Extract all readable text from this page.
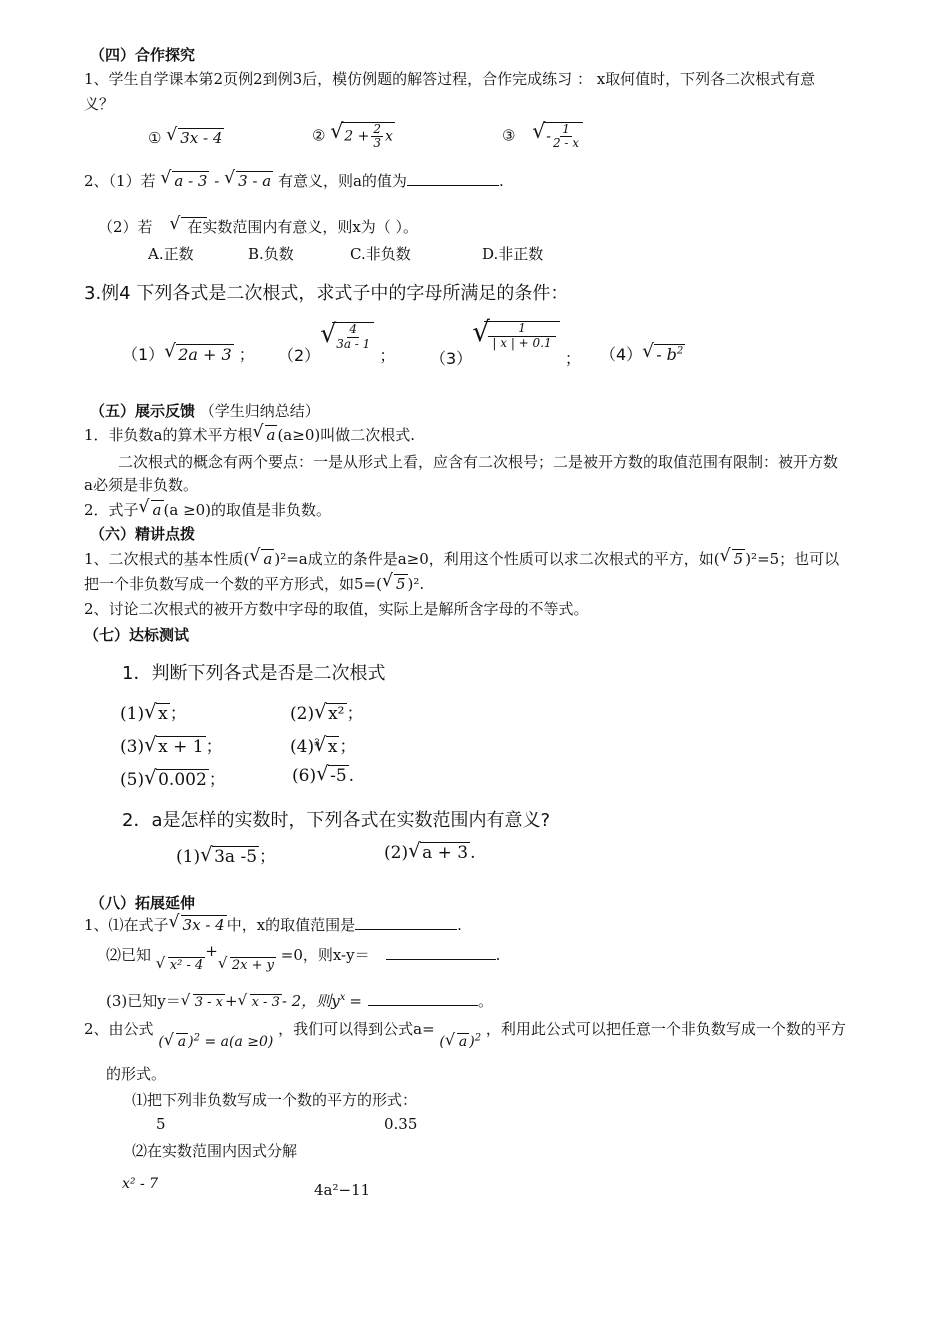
（四）合作探究
1、学生自学课本第2页例2到例3后，模仿例题的解答过程，合作完成练习 ： x取何值时，下列各二次根式有意
义？
① √ 3x - 4	② √ $2 + \frac{2}{3}$ x	③ √ - $\frac{1}{2 - x}$
2、（1）若 √ a - 3 - √ 3 - a 有意义，则a的值为	.
（2）若 √ 在实数范围内有意义，则x为（ ）。
A.正数	B.负数	C.非负数	D.非正数
3.例4 下列各式是二次根式，求式子中的字母所满足的条件：
（1）√ 2a + 3 ； （2）
√ $\frac{4}{3a - 1}$
； （3）
√ $\frac{1}{| x | + 0.1}$
； $(4)√ - b^2$
（五）展示反馈 （学生归纳总结）
1．非负数a的算术平方根√ a (a≥0)叫做二次根式.
二次根式的概念有两个要点：一是从形式上看，应含有二次根号；二是被开方数的取值范围有限制：被开方数
a必须是非负数。
2．式子√ a (a ≥0)的取值是非负数。
（六）精讲点拨
1、二次根式的基本性质(√ a )²=a成立的条件是a≥0，利用这个性质可以求二次根式的平方，如(√ 5 )²=5；也可以
把一个非负数写成一个数的平方形式，如5=(√ 5 )².
2、讨论二次根式的被开方数中字母的取值，实际上是解所含字母的不等式。
（七）达标测试
1．判断下列各式是否是二次根式
(1)√ x ；	(2)√ x² ；
(3)√ x + 1 ；	$(4)^3√$ x ；
(5)√ 0.002 ；	(6)√ -5 .
2．a是怎样的实数时，下列各式在实数范围内有意义?
(1)√ 3a -5 ；	(2)√ a + 3 .
（八）拓展延伸
1、⑴在式子√ 3x - 4 中，x的取值范围是	.
⑵已知 √ x² - 4+√ 2x + y =0，则x-y＝	.
(3)已知y＝√ 3 - x +√ x - 3 - 2，则$y^x$ =	。
2、由公式 (√ a )$^2$ = a(a ≥0) ，我们可以得到公式a= (√ a )$^2$ ，利用此公式可以把任意一个非负数写成一个数的平方
的形式。
⑴把下列非负数写成一个数的平方的形式：
5	0.35
⑵在实数范围内因式分解
x² - 7	4a²−11
